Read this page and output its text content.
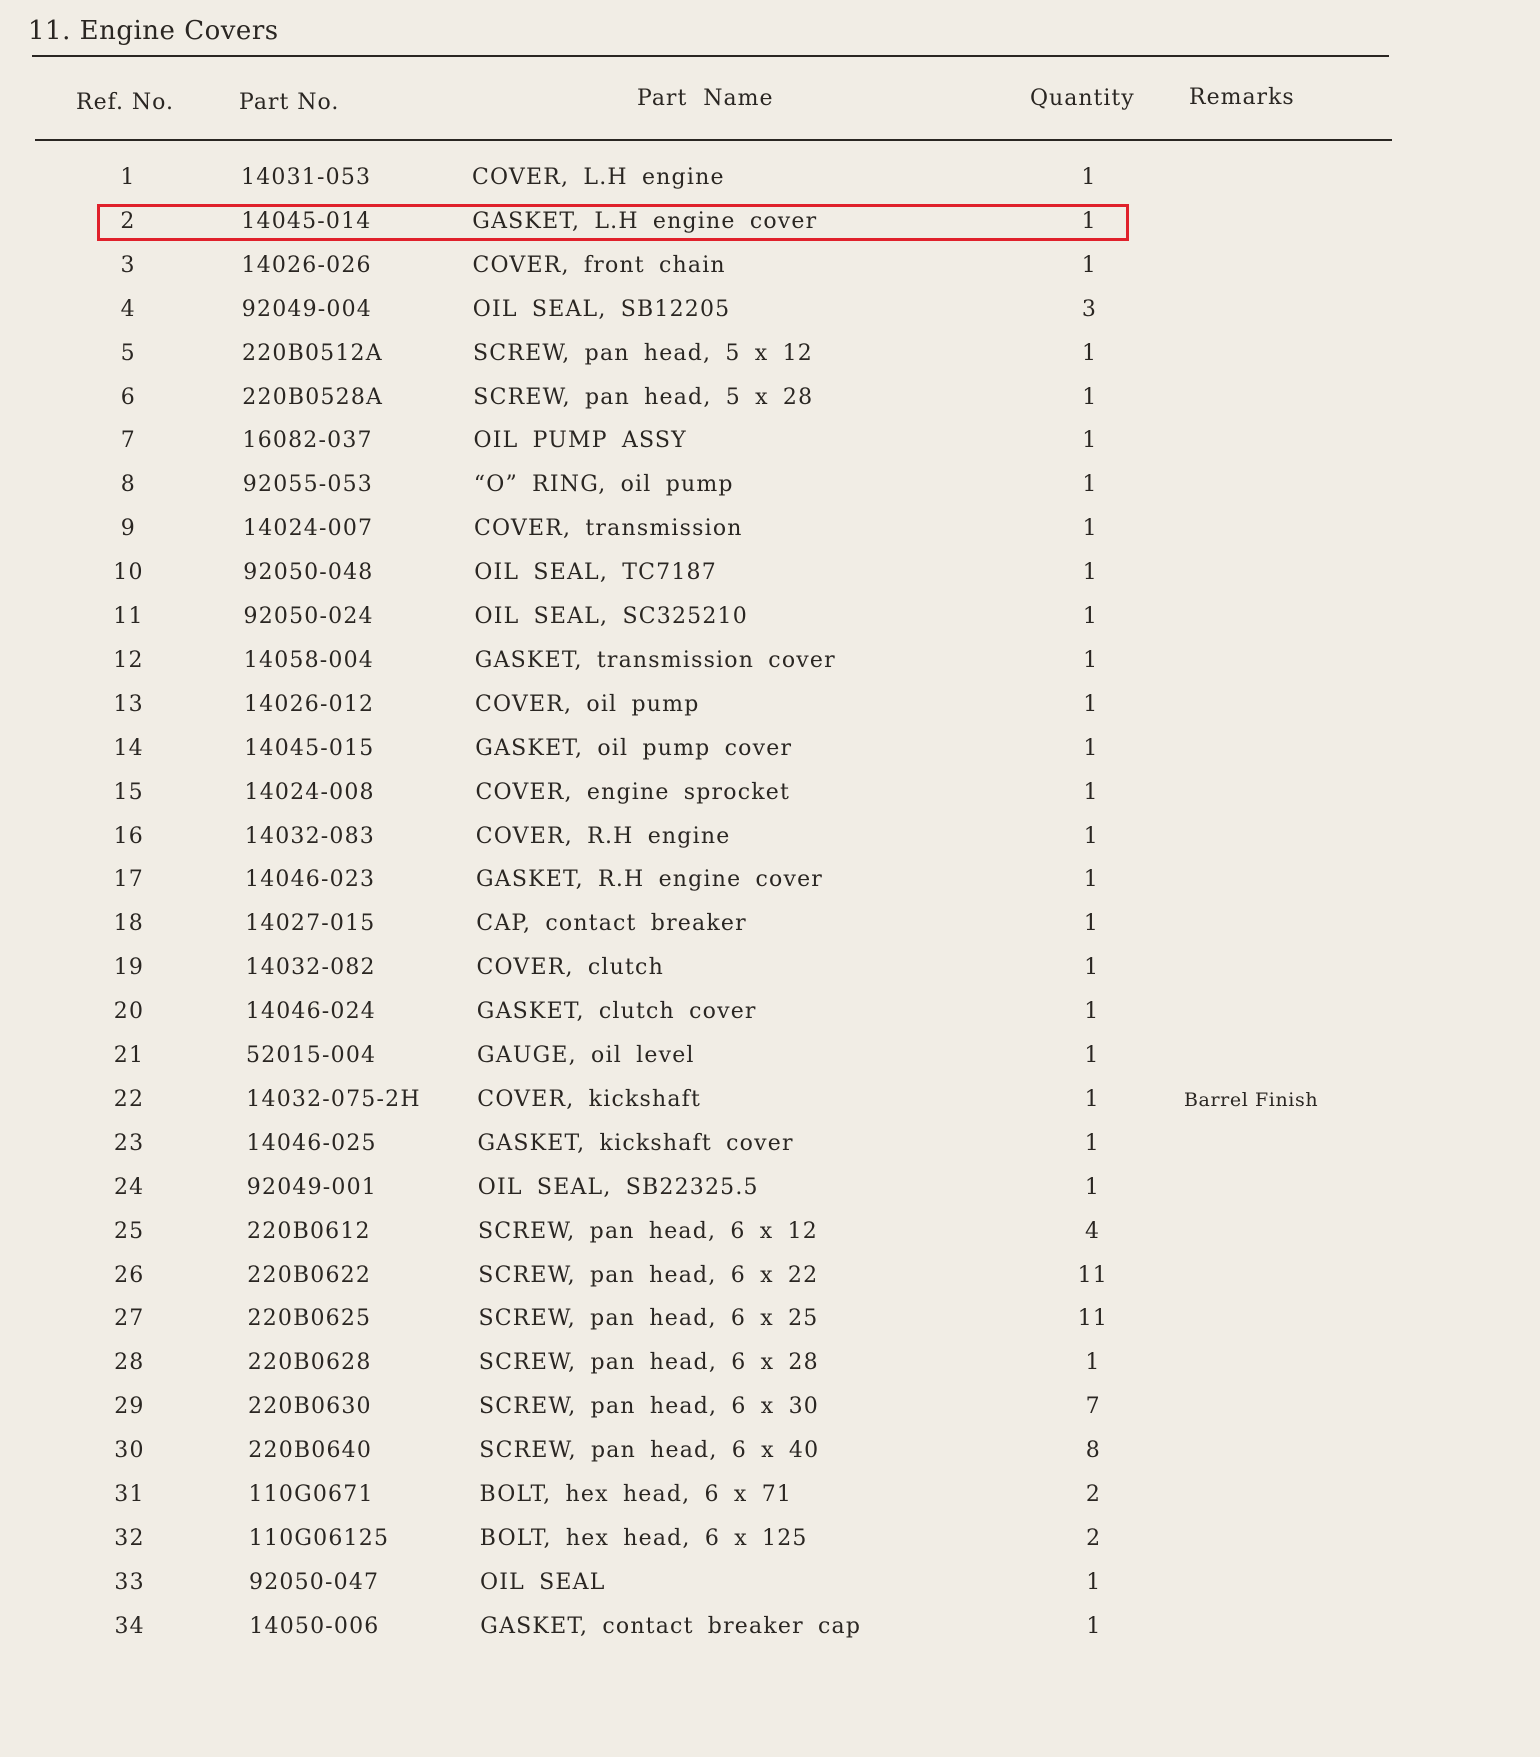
11. Engine Covers
Ref. No.	Part No.	Part Name	Quantity Remarks
1	14031-053	COVER, L.H engine	1
2	14045-014	GASKET, L.H engine cover	1
3	14026-026	COVER, front chain	1
4	92049-004	OIL SEAL, SB12205	3
5	220B0512A	SCREW, pan head, 5 x 12	1
6	220B0528A	SCREW, pan head, 5 x 28	1
7	16082-037	OIL PUMP ASSY	1
8	92055-053	“O” RING, oil pump	1
9	14024-007	COVER, transmission	1
10	92050-048	OIL SEAL, TC7187	1
11	92050-024	OIL SEAL, SC325210	1
12	14058-004	GASKET, transmission cover	1
13	14026-012	COVER, oil pump	1
14	14045-015	GASKET, oil pump cover	1
15	14024-008	COVER, engine sprocket	1
16	14032-083	COVER, R.H engine	1
17	14046-023	GASKET, R.H engine cover	1
18	14027-015	CAP, contact breaker	1
19	14032-082	COVER, clutch	1
20	14046-024	GASKET, clutch cover	1
21	52015-004	GAUGE, oil level	1
22	14032-075-2H	COVER, kickshaft	1	Barrel Finish
23	14046-025	GASKET, kickshaft cover	1
24	92049-001	OIL SEAL, SB22325.5	1
25	220B0612	SCREW, pan head, 6 x 12	4
26	220B0622	SCREW, pan head, 6 x 22	11
27	220B0625	SCREW, pan head, 6 x 25	11
28	220B0628	SCREW, pan head, 6 x 28	1
29	220B0630	SCREW, pan head, 6 x 30	7
30	220B0640	SCREW, pan head, 6 x 40	8
31	110G0671	BOLT, hex head, 6 x 71	2
32	110G06125	BOLT, hex head, 6 x 125	2
33	92050-047	OIL SEAL	1
34	14050-006	GASKET, contact breaker cap	1
